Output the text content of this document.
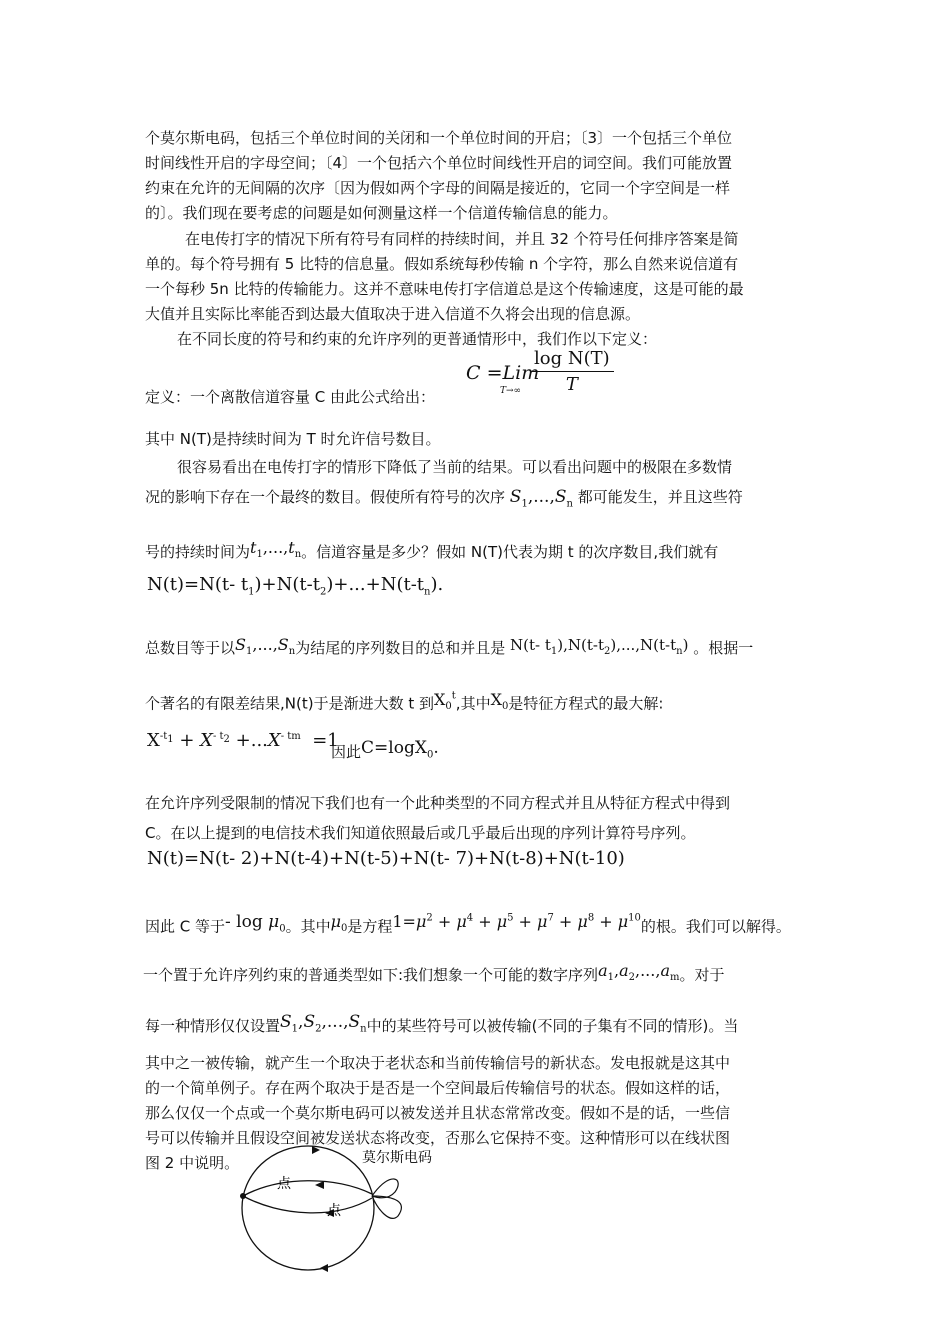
个莫尔斯电码，包括三个单位时间的关闭和一个单位时间的开启；〔3〕一个包括三个单位
时间线性开启的字母空间；〔4〕一个包括六个单位时间线性开启的词空间。我们可能放置
约束在允许的无间隔的次序〔因为假如两个字母的间隔是接近的，它同一个字空间是一样
的〕。我们现在要考虑的问题是如何测量这样一个信道传输信息的能力。
在电传打字的情况下所有符号有同样的持续时间，并且 32 个符号任何排序答案是简
单的。每个符号拥有 5 比特的信息量。假如系统每秒传输 n 个字符，那么自然来说信道有
一个每秒 5n 比特的传输能力。这并不意味电传打字信道总是这个传输速度，这是可能的最
大值并且实际比率能否到达最大值取决于进入信道不久将会出现的信息源。
在不同长度的符号和约束的允许序列的更普通情形中，我们作以下定义：
定义：一个离散信道容量 C 由此公式给出：
C =Lim
$T\to\infty \frac{\text{log N(T)}}{T}$
其中 N(T)是持续时间为 T 时允许信号数目。
很容易看出在电传打字的情形下降低了当前的结果。可以看出问题中的极限在多数情
况的影响下存在一个最终的数目。假使所有符号的次序 $S_1,...,S_n$ 都可能发生，并且这些符
号的持续时间为$t_1,...,t_n$。信道容量是多少？假如 N(T)代表为期 t 的次序数目,我们就有
N(t)=N(t- $t_1)+N(t-t_2)+...+N(t-t_n)$.
总数目等于以$S_1,...,S_n$为结尾的序列数目的总和并且是 N(t- $t_1),N(t-t_2),...,N(t-t_n)$ 。根据一
个著名的有限差结果,N(t)于是渐进大数 t 到$X_0^t$,其中$X_0$是特征方程式的最大解:
$X^{-t_1} + X^{- t_2} +...X^{- tm} =1$
因此C=logX$_0$.
在允许序列受限制的情况下我们也有一个此种类型的不同方程式并且从特征方程式中得到
C。在以上提到的电信技术我们知道依照最后或几乎最后出现的序列计算符号序列。
N(t)=N(t- 2)+N(t-4)+N(t-5)+N(t- 7)+N(t-8)+N(t-10)
因此 C 等于- $\log \mu_0$。其中$\mu_0$是方程$1=\mu^2 + \mu^4 + \mu^5 + \mu^7 + \mu^8 + \mu^{10}$的根。我们可以解得。
一个置于允许序列约束的普通类型如下:我们想象一个可能的数字序列$a_1,a_2,...,a_m$。对于
每一种情形仅仅设置$S_1,S_2,...,S_n$中的某些符号可以被传输(不同的子集有不同的情形)。当
其中之一被传输，就产生一个取决于老状态和当前传输信号的新状态。发电报就是这其中
的一个简单例子。存在两个取决于是否是一个空间最后传输信号的状态。假如这样的话，
那么仅仅一个点或一个莫尔斯电码可以被发送并且状态常常改变。假如不是的话，一些信
号可以传输并且假设空间被发送状态将改变，否那么它保持不变。这种情形可以在线状图
图 2 中说明。
点
点
莫尔斯电码
